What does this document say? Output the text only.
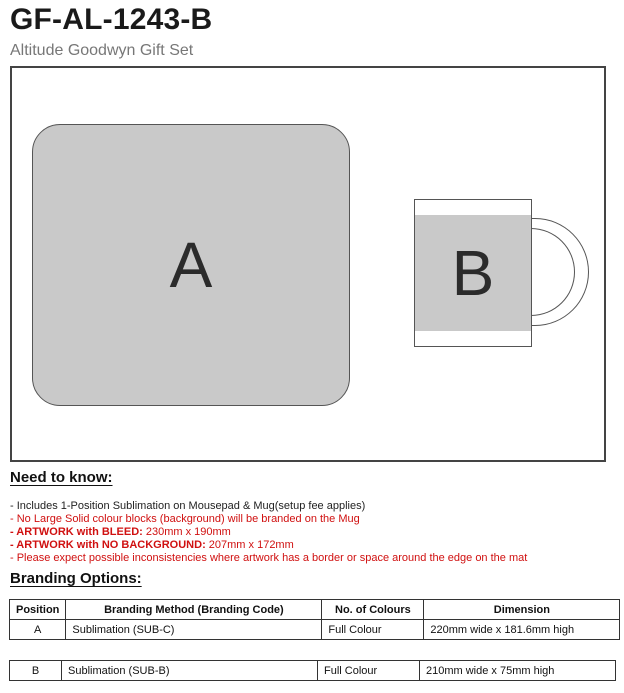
GF-AL-1243-B
Altitude Goodwyn Gift Set
A	B
Need to know:
- Includes 1-Position Sublimation on Mousepad & Mug(setup fee applies)
- No Large Solid colour blocks (background) will be branded on the Mug
- ARTWORK with BLEED: 230mm x 190mm
- ARTWORK with NO BACKGROUND: 207mm x 172mm
- Please expect possible inconsistencies where artwork has a border or space around the edge on the mat
Branding Options:
Position	Branding Method (Branding Code)	No. of Colours	Dimension
A	Sublimation (SUB-C)	Full Colour	220mm wide x 181.6mm high
B	Sublimation (SUB-B)	Full Colour	210mm wide x 75mm high
